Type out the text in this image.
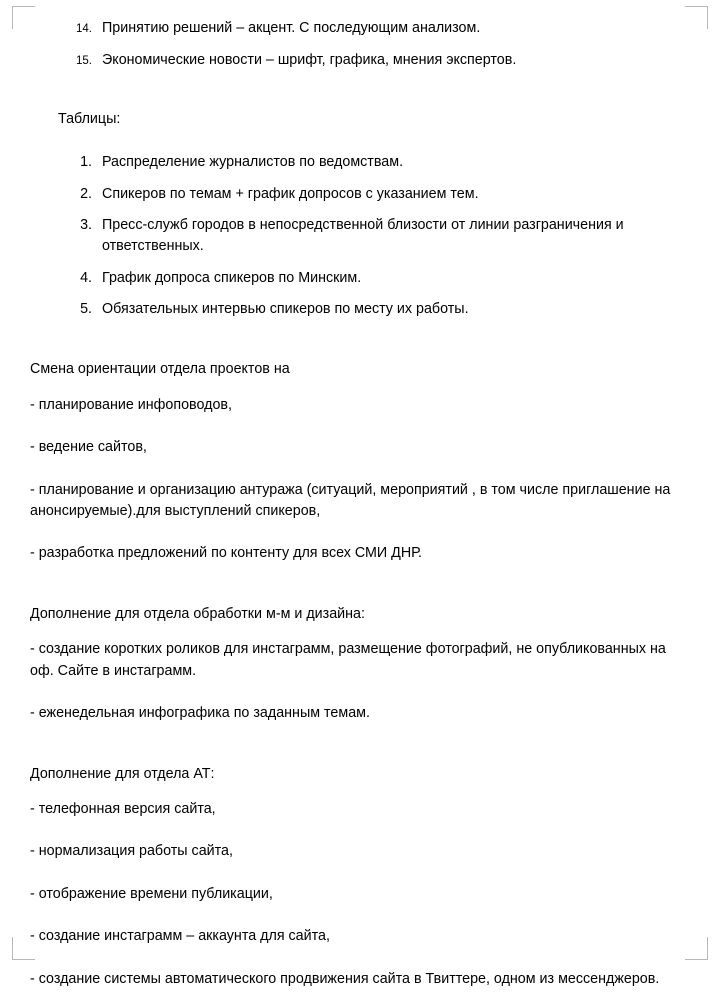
14. Принятию решений – акцент. С последующим анализом.
15. Экономические новости – шрифт, графика, мнения экспертов.
Таблицы:
1. Распределение журналистов по ведомствам.
2. Спикеров по темам + график допросов с указанием тем.
3. Пресс-служб городов в непосредственной близости от линии разграничения и ответственных.
4. График допроса спикеров по Минским.
5. Обязательных интервью спикеров по месту их работы.
Смена ориентации отдела проектов на
- планирование инфоповодов,
- ведение сайтов,
- планирование и организацию антуража (ситуаций, мероприятий , в том числе приглашение на анонсируемые).для выступлений спикеров,
- разработка предложений по контенту для всех СМИ ДНР.
Дополнение для отдела обработки м-м и дизайна:
- создание коротких роликов для инстаграмм, размещение фотографий, не опубликованных на оф. Сайте в инстаграмм.
- еженедельная инфографика по заданным темам.
Дополнение для отдела АТ:
- телефонная версия сайта,
- нормализация работы сайта,
- отображение времени публикации,
- создание инстаграмм – аккаунта для сайта,
- создание системы автоматического продвижения сайта в Твиттере, одном из мессенджеров.
